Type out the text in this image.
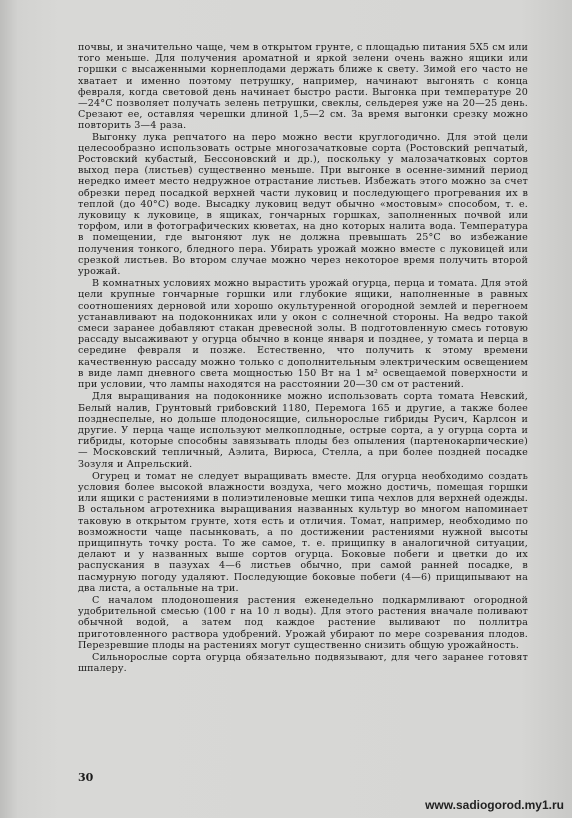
почвы, и значительно чаще, чем в открытом грунте, с площадью питания 5Х5 см или того меньше. Для получения ароматной и яркой зелени очень важно ящики или горшки с высаженными корнеплодами держать ближе к свету. Зимой его часто не хватает и именно поэтому петрушку, например, начинают выгонять с конца февраля, когда световой день начинает быстро расти. Выгонка при температуре 20—24°С позволяет получать зелень петрушки, свеклы, сельдерея уже на 20—25 день. Срезают ее, оставляя черешки длиной 1,5—2 см. За время выгонки срезку можно повторить 3—4 раза.

Выгонку лука репчатого на перо можно вести круглогодично. Для этой цели целесообразно использовать острые многозачатковые сорта (Ростовский репчатый, Ростовский кубастый, Бессоновский и др.), поскольку у малозачатковых сортов выход пера (листьев) существенно меньше. При выгонке в осенне-зимний период нередко имеет место недружное отрастание листьев. Избежать этого можно за счет обрезки перед посадкой верхней части луковиц и последующего прогревания их в теплой (до 40°С) воде. Высадку луковиц ведут обычно «мостовым» способом, т. е. луковицу к луковице, в ящиках, гончарных горшках, заполненных почвой или торфом, или в фотографических кюветах, на дно которых налита вода. Температура в помещении, где выгоняют лук не должна превышать 25°С во избежание получения тонкого, бледного пера. Убирать урожай можно вместе с луковицей или срезкой листьев. Во втором случае можно через некоторое время получить второй урожай.

В комнатных условиях можно вырастить урожай огурца, перца и томата. Для этой цели крупные гончарные горшки или глубокие ящики, наполненные в равных соотношениях дерновой или хорошо окультуренной огородной землей и перегноем устанавливают на подоконниках или у окон с солнечной стороны. На ведро такой смеси заранее добавляют стакан древесной золы. В подготовленную смесь готовую рассаду высаживают у огурца обычно в конце января и позднее, у томата и перца в середине февраля и позже. Естественно, что получить к этому времени качественную рассаду можно только с дополнительным электрическим освещением в виде ламп дневного света мощностью 150 Вт на 1 м² освещаемой поверхности и при условии, что лампы находятся на расстоянии 20—30 см от растений.

Для выращивания на подоконнике можно использовать сорта томата Невский, Белый налив, Грунтовый грибовский 1180, Перемога 165 и другие, а также более позднеспелые, но дольше плодоносящие, сильнорослые гибриды Русич, Карлсон и другие. У перца чаще используют мелкоплодные, острые сорта, а у огурца сорта и гибриды, которые способны завязывать плоды без опыления (партенокарпические) — Московский тепличный, Аэлита, Вирюса, Стелла, а при более поздней посадке Зозуля и Апрельский.

Огурец и томат не следует выращивать вместе. Для огурца необходимо создать условия более высокой влажности воздуха, чего можно достичь, помещая горшки или ящики с растениями в полиэтиленовые мешки типа чехлов для верхней одежды. В остальном агротехника выращивания названных культур во многом напоминает таковую в открытом грунте, хотя есть и отличия. Томат, например, необходимо по возможности чаще пасынковать, а по достижении растениями нужной высоты прищипнуть точку роста. То же самое, т. е. прищипку в аналогичной ситуации, делают и у названных выше сортов огурца. Боковые побеги и цветки до их распускания в пазухах 4—6 листьев обычно, при самой ранней посадке, в пасмурную погоду удаляют. Последующие боковые побеги (4—6) прищипывают на два листа, а остальные на три.

С началом плодоношения растения еженедельно подкармливают огородной удобрительной смесью (100 г на 10 л воды). Для этого растения вначале поливают обычной водой, а затем под каждое растение выливают по поллитра приготовленного раствора удобрений. Урожай убирают по мере созревания плодов. Перезревшие плоды на растениях могут существенно снизить общую урожайность.

Сильнорослые сорта огурца обязательно подвязывают, для чего заранее готовят шпалеру.

30
www.sadiogorod.my1.ru
